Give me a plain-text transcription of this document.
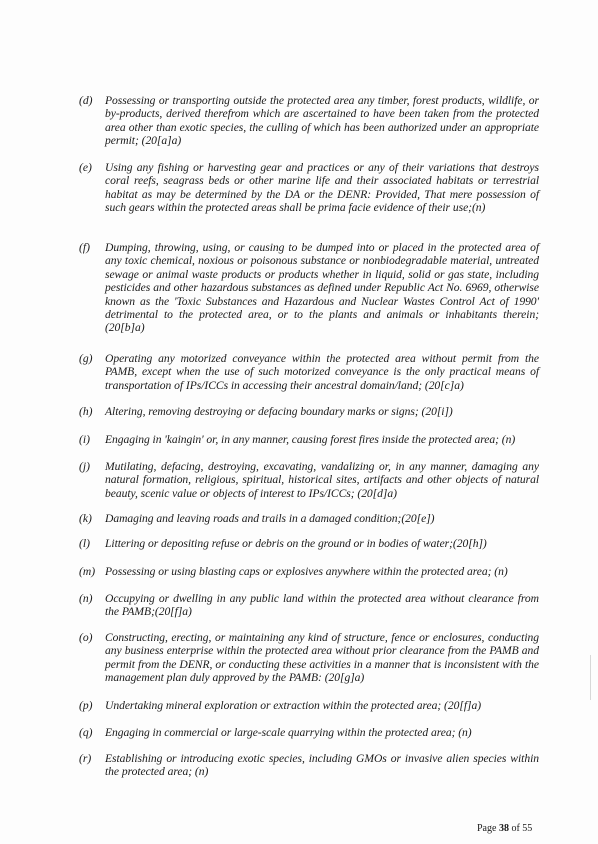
(d) Possessing or transporting outside the protected area any timber, forest products, wildlife, or by-products, derived therefrom which are ascertained to have been taken from the protected area other than exotic species, the culling of which has been authorized under an appropriate permit; (20[a]a)
(e) Using any fishing or harvesting gear and practices or any of their variations that destroys coral reefs, seagrass beds or other marine life and their associated habitats or terrestrial habitat as may be determined by the DA or the DENR: Provided, That mere possession of such gears within the protected areas shall be prima facie evidence of their use;(n)
(f) Dumping, throwing, using, or causing to be dumped into or placed in the protected area of any toxic chemical, noxious or poisonous substance or nonbiodegradable material, untreated sewage or animal waste products or products whether in liquid, solid or gas state, including pesticides and other hazardous substances as defined under Republic Act No. 6969, otherwise known as the 'Toxic Substances and Hazardous and Nuclear Wastes Control Act of 1990' detrimental to the protected area, or to the plants and animals or inhabitants therein; (20[b]a)
(g) Operating any motorized conveyance within the protected area without permit from the PAMB, except when the use of such motorized conveyance is the only practical means of transportation of IPs/ICCs in accessing their ancestral domain/land; (20[c]a)
(h) Altering, removing destroying or defacing boundary marks or signs; (20[i])
(i) Engaging in 'kaingin' or, in any manner, causing forest fires inside the protected area; (n)
(j) Mutilating, defacing, destroying, excavating, vandalizing or, in any manner, damaging any natural formation, religious, spiritual, historical sites, artifacts and other objects of natural beauty, scenic value or objects of interest to IPs/ICCs; (20[d]a)
(k) Damaging and leaving roads and trails in a damaged condition;(20[e])
(l) Littering or depositing refuse or debris on the ground or in bodies of water;(20[h])
(m) Possessing or using blasting caps or explosives anywhere within the protected area; (n)
(n) Occupying or dwelling in any public land within the protected area without clearance from the PAMB;(20[f]a)
(o) Constructing, erecting, or maintaining any kind of structure, fence or enclosures, conducting any business enterprise within the protected area without prior clearance from the PAMB and permit from the DENR, or conducting these activities in a manner that is inconsistent with the management plan duly approved by the PAMB: (20[g]a)
(p) Undertaking mineral exploration or extraction within the protected area; (20[f]a)
(q) Engaging in commercial or large-scale quarrying within the protected area; (n)
(r) Establishing or introducing exotic species, including GMOs or invasive alien species within the protected area; (n)
Page 38 of 55
